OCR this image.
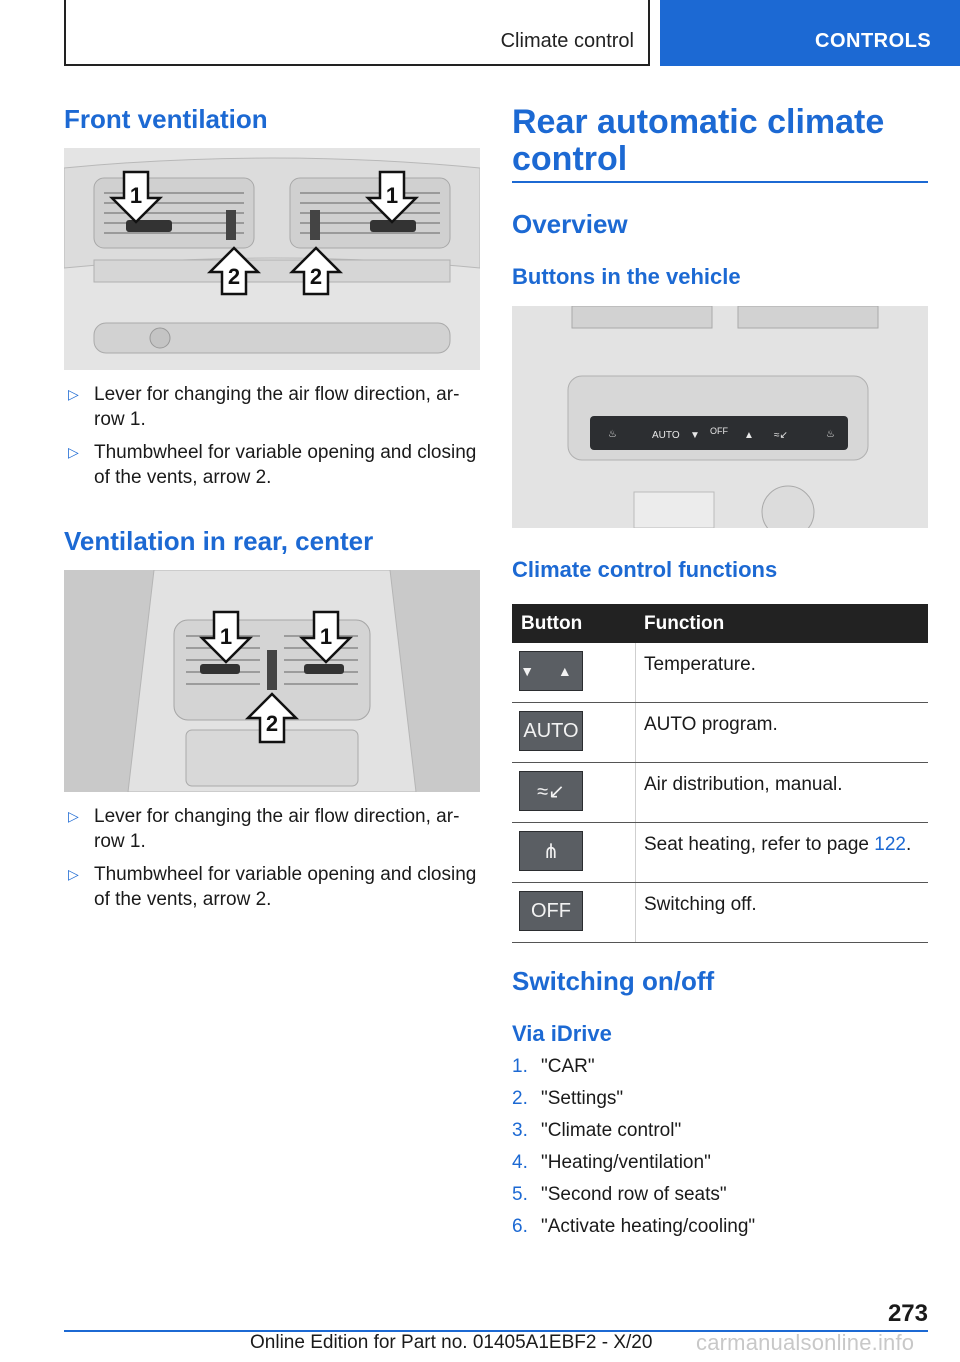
Climate control	CONTROLS
Front ventilation
1	1
2	2
▷ Lever for changing the air flow direction, ar-row 1.
▷ Thumbwheel for variable opening and closing of the vents, arrow 2.
Ventilation in rear, center
1	1
2
▷ Lever for changing the air flow direction, ar-row 1.
▷ Thumbwheel for variable opening and closing of the vents, arrow 2.
Rear automatic climate
control
Overview
Buttons in the vehicle
♨	AUTO ▼ OFF ▲ ≈↙	♨
Climate control functions
Button	Function
▼ ▲	Temperature.
AUTO	AUTO program.
≈↙	Air distribution, manual.
⋔	Seat heating, refer to page 122.
OFF	Switching off.
Switching on/off
Via iDrive
1. "CAR"
2. "Settings"
3. "Climate control"
4. "Heating/ventilation"
5. "Second row of seats"
6. "Activate heating/cooling"
273
Online Edition for Part no. 01405A1EBF2 - X/20 carmanualsonline.info
